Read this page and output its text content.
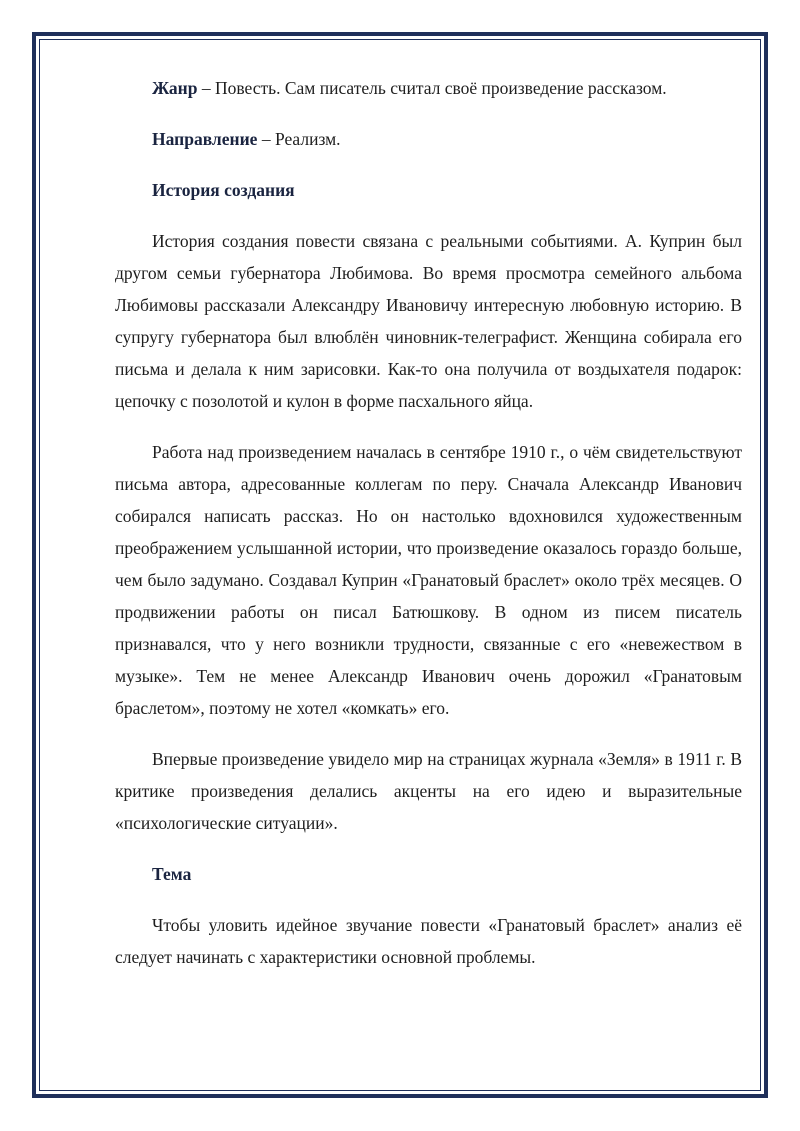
Жанр – Повесть. Сам писатель считал своё произведение рассказом.

Направление – Реализм.

История создания

История создания повести связана с реальными событиями. А. Куприн был другом семьи губернатора Любимова. Во время просмотра семейного альбома Любимовы рассказали Александру Ивановичу интересную любовную историю. В супругу губернатора был влюблён чиновник-телеграфист. Женщина собирала его письма и делала к ним зарисовки. Как-то она получила от воздыхателя подарок: цепочку с позолотой и кулон в форме пасхального яйца.

Работа над произведением началась в сентябре 1910 г., о чём свидетельствуют письма автора, адресованные коллегам по перу. Сначала Александр Иванович собирался написать рассказ. Но он настолько вдохновился художественным преображением услышанной истории, что произведение оказалось гораздо больше, чем было задумано. Создавал Куприн «Гранатовый браслет» около трёх месяцев. О продвижении работы он писал Батюшкову. В одном из писем писатель признавался, что у него возникли трудности, связанные с его «невежеством в музыке». Тем не менее Александр Иванович очень дорожил «Гранатовым браслетом», поэтому не хотел «комкать» его.

Впервые произведение увидело мир на страницах журнала «Земля» в 1911 г. В критике произведения делались акценты на его идею и выразительные «психологические ситуации».

Тема

Чтобы уловить идейное звучание повести «Гранатовый браслет» анализ её следует начинать с характеристики основной проблемы.
